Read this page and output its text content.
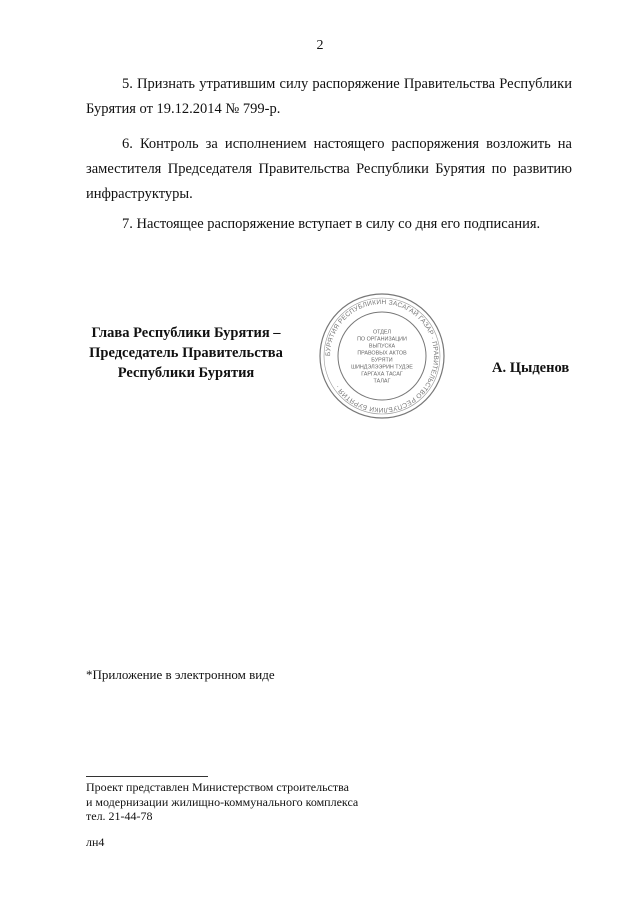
2

5. Признать утратившим силу распоряжение Правительства Республики Бурятия от 19.12.2014 № 799-р.

6. Контроль за исполнением настоящего распоряжения возложить на заместителя Председателя Правительства Республики Бурятия по развитию инфраструктуры.

7. Настоящее распоряжение вступает в силу со дня его подписания.

Глава Республики Бурятия –
Председатель Правительства
Республики Бурятия
БУРЯТИЯ РЕСПУБЛИКИН ЗАСАГАЙ ГАЗАР · ПРАВИТЕЛЬСТВО РЕСПУБЛИКИ БУРЯТИЯ ·
ОТДЕЛ
ПО ОРГАНИЗАЦИИ
ВЫПУСКА
ПРАВОВЫХ АКТОВ
БУРЯТИ
ШИНДЭЛЭЭРИН ТУДЭЕ
ГАРГАХА ТАСАГ
ТАЛАГ
А. Цыденов
*Приложение в электронном виде
Проект представлен Министерством строительства
и модернизации жилищно-коммунального комплекса
тел. 21-44-78
лн4
